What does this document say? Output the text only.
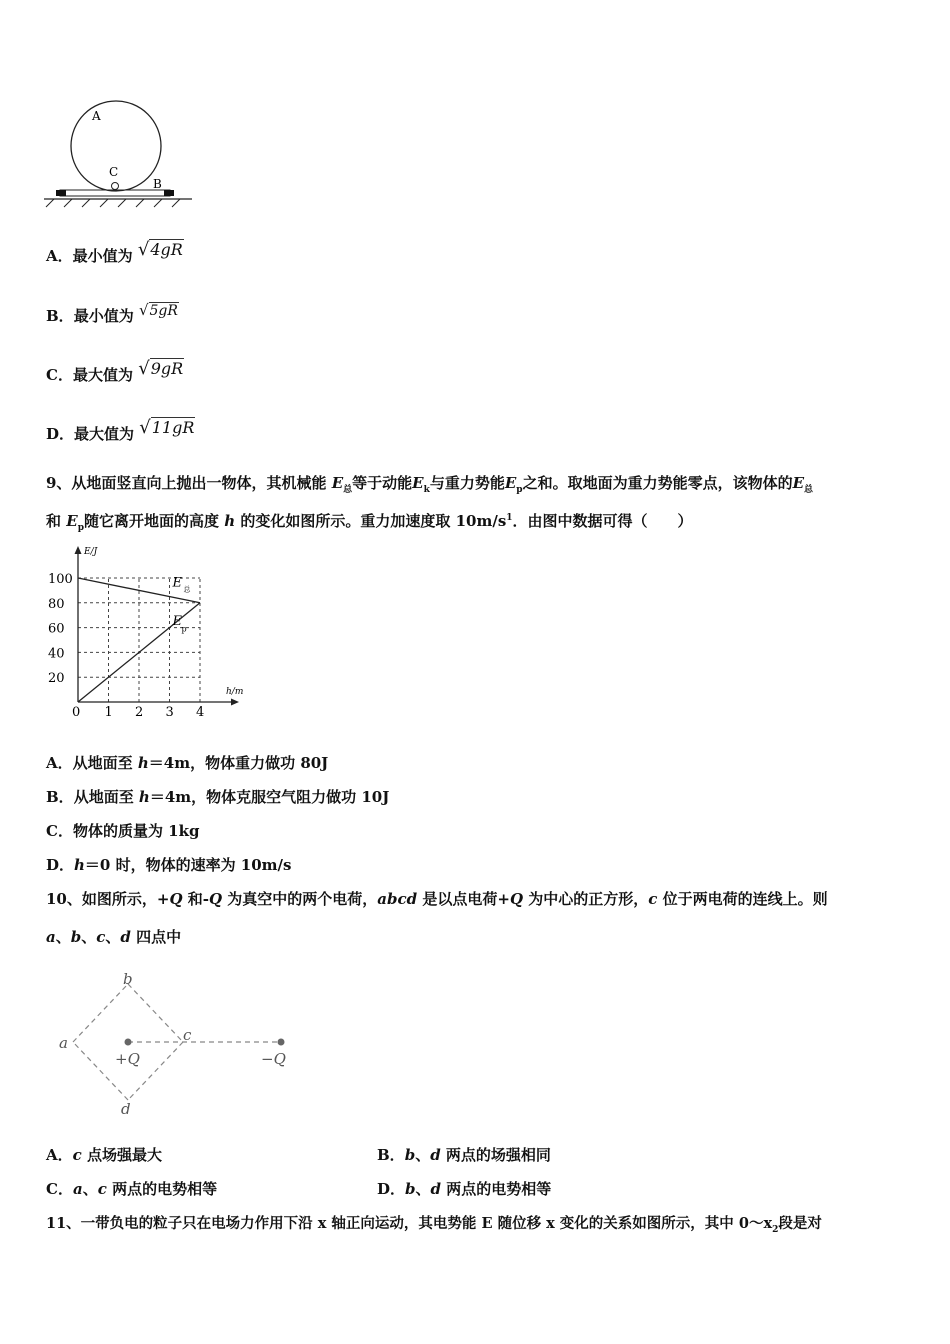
A
C
B
A．最小值为 √4gR
B．最小值为 √5gR
C．最大值为 √9gR
D．最大值为 √11gR
9、从地面竖直向上抛出一物体，其机械能 $E_总$等于动能$E_k$与重力势能$E_p$之和。取地面为重力势能零点，该物体的$E_总$
和 $E_p$随它离开地面的高度 h 的变化如图所示。重力加速度取 $10m/s^1$．由图中数据可得（　　）
0 1 2 3 4
20
40
60
80
100
E/J
h/m
E 总
E p
A．从地面至 h＝4m，物体重力做功 80J
B．从地面至 h＝4m，物体克服空气阻力做功 10J
C．物体的质量为 1kg
D．h＝0 时，物体的速率为 10m/s
10、如图所示，+Q 和-Q 为真空中的两个电荷，abcd 是以点电荷+Q 为中心的正方形，c 位于两电荷的连线上。则
a、b、c、d 四点中
b
a	c
d
+Q	−Q
A．c 点场强最大	B．b、d 两点的场强相同
C．a、c 两点的电势相等	D．b、d 两点的电势相等
11、一带负电的粒子只在电场力作用下沿 x 轴正向运动，其电势能 E 随位移 x 变化的关系如图所示，其中 $0\sim x_2$段是对
